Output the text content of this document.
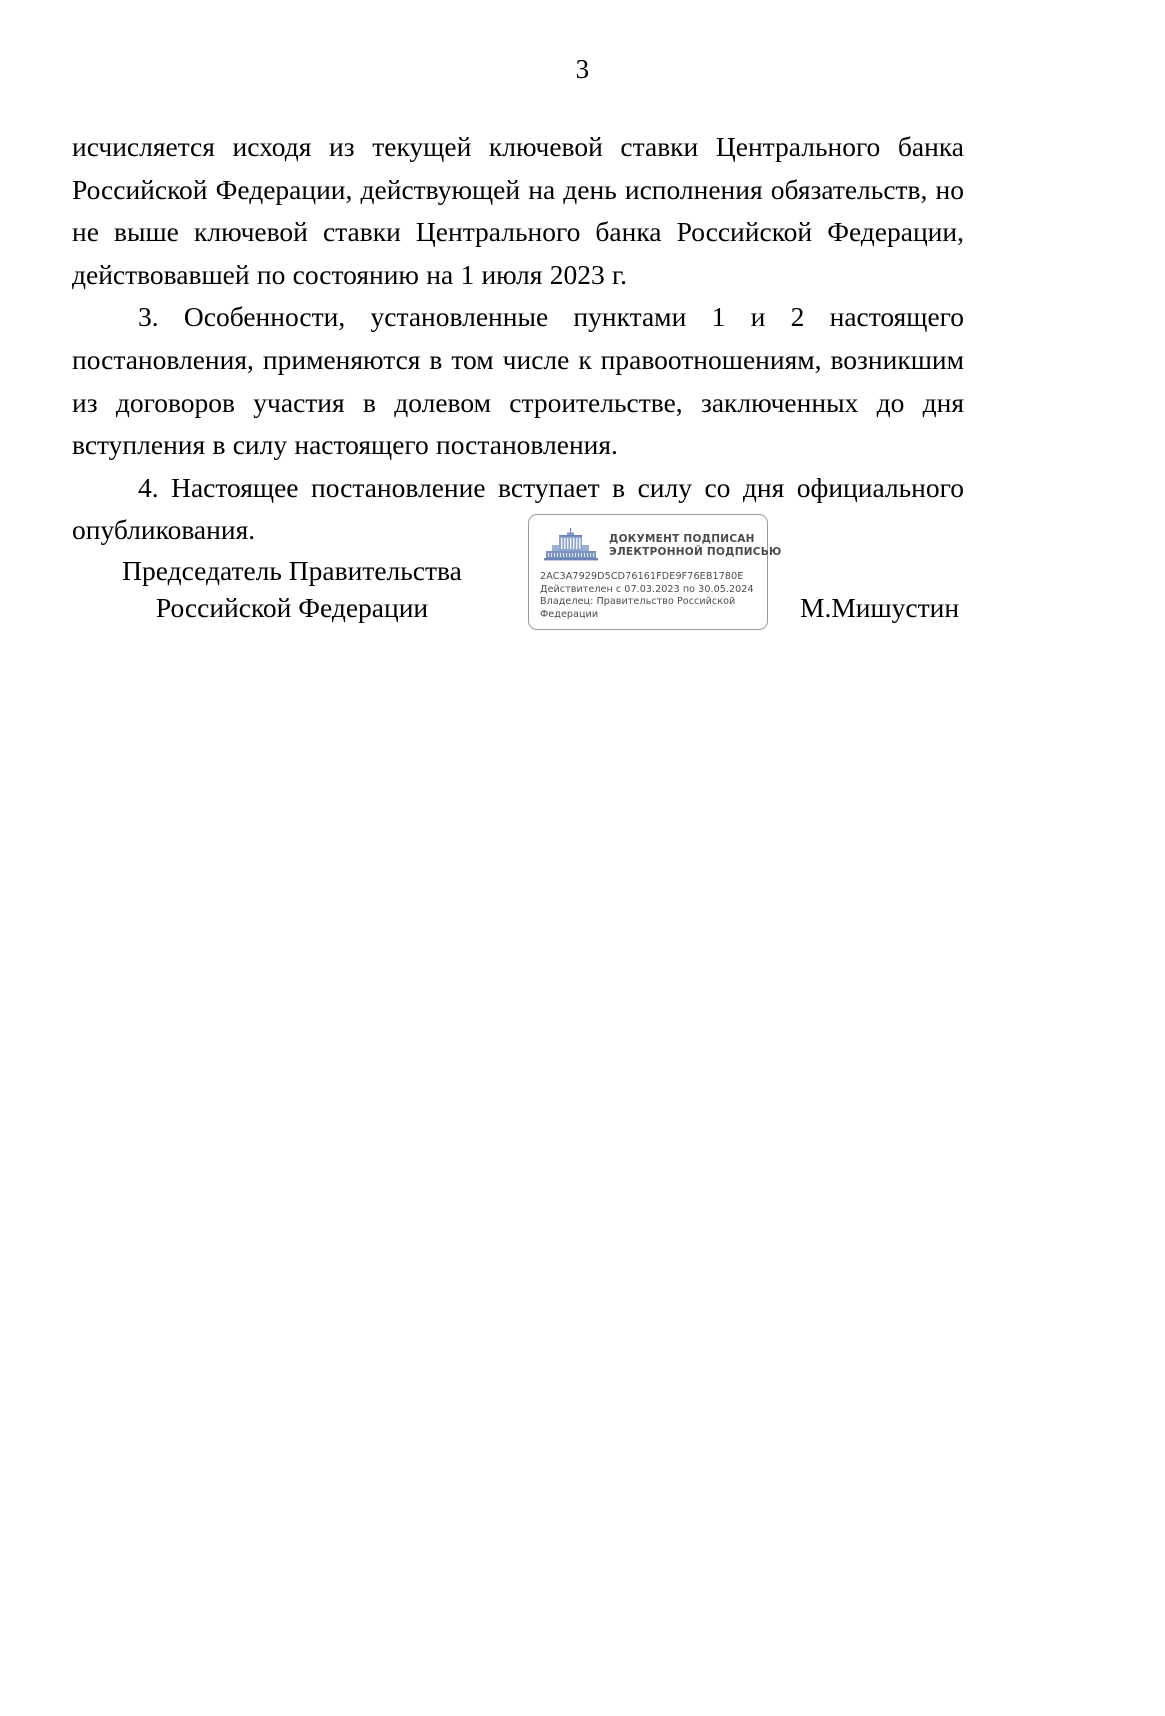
3

исчисляется исходя из текущей ключевой ставки Центрального банка Российской Федерации, действующей на день исполнения обязательств, но не выше ключевой ставки Центрального банка Российской Федерации, действовавшей по состоянию на 1 июля 2023 г.

3. Особенности, установленные пунктами 1 и 2 настоящего постановления, применяются в том числе к правоотношениям, возникшим из договоров участия в долевом строительстве, заключенных до дня вступления в силу настоящего постановления.

4. Настоящее постановление вступает в силу со дня официального опубликования.	ДОКУМЕНТ ПОДПИСАН
ЭЛЕКТРОННОЙ ПОДПИСЬЮ
2AC3A7929D5CD76161FDE9F76EB1780E
Действителен с 07.03.2023 по 30.05.2024
Владелец: Правительство Российской Федерации
Председатель Правительства
Российской Федерации	М.Мишустин
